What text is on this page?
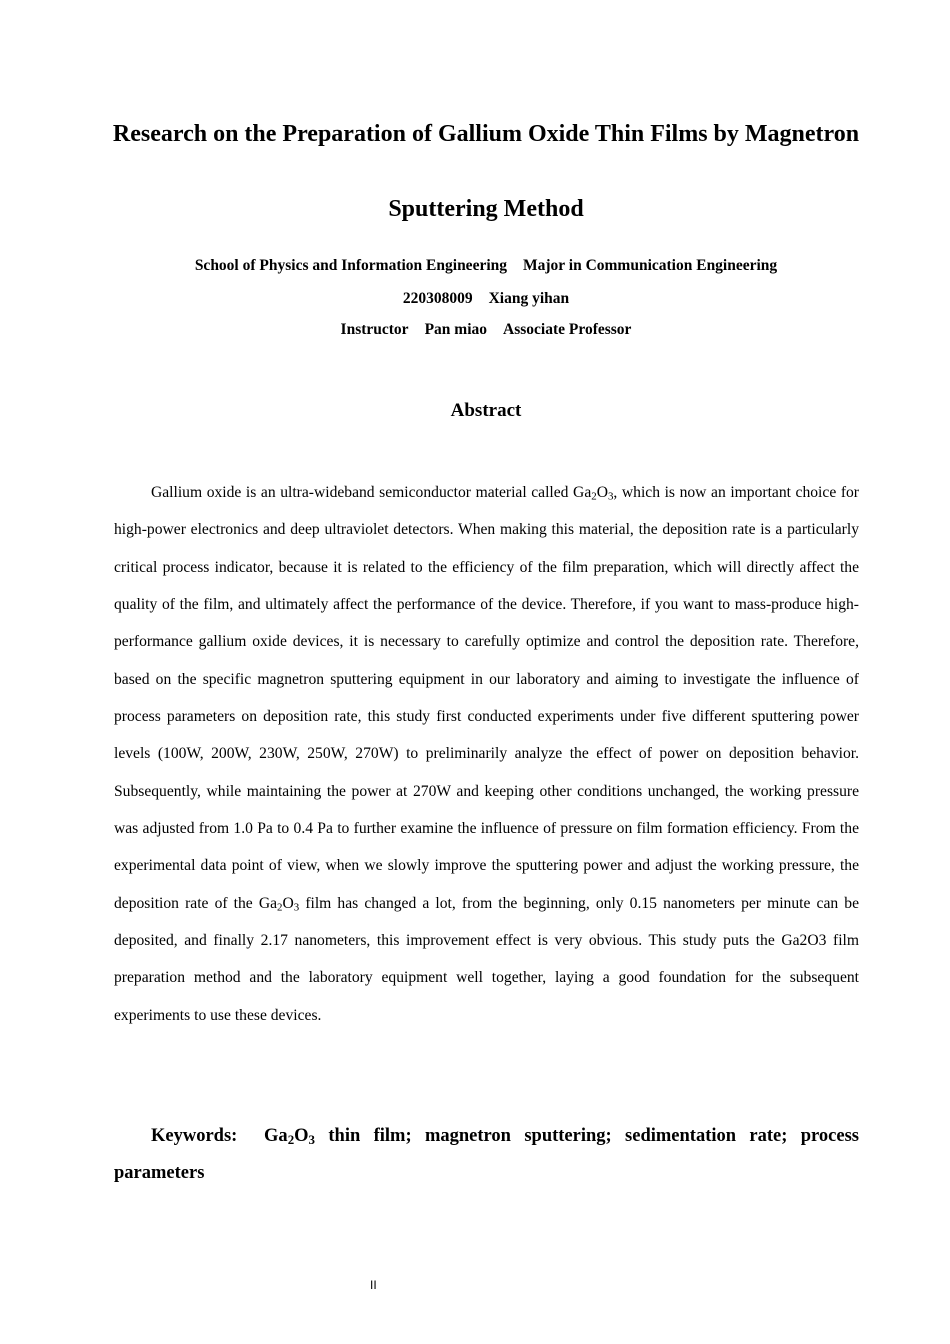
Research on the Preparation of Gallium Oxide Thin Films by Magnetron
Sputtering Method
School of Physics and Information Engineering Major in Communication Engineering
220308009 Xiang yihan
Instructor Pan miao Associate Professor
Abstract

Gallium oxide is an ultra-wideband semiconductor material called $Ga_2O_3$, which is now an important choice for high-power electronics and deep ultraviolet detectors. When making this material, the deposition rate is a particularly critical process indicator, because it is related to the efficiency of the film preparation, which will directly affect the quality of the film, and ultimately affect the performance of the device. Therefore, if you want to mass-produce high-performance gallium oxide devices, it is necessary to carefully optimize and control the deposition rate. Therefore, based on the specific magnetron sputtering equipment in our laboratory and aiming to investigate the influence of process parameters on deposition rate, this study first conducted experiments under five different sputtering power levels (100W, 200W, 230W, 250W, 270W) to preliminarily analyze the effect of power on deposition behavior. Subsequently, while maintaining the power at 270W and keeping other conditions unchanged, the working pressure was adjusted from 1.0 Pa to 0.4 Pa to further examine the influence of pressure on film formation efficiency. From the experimental data point of view, when we slowly improve the sputtering power and adjust the working pressure, the deposition rate of the $Ga_2O_3$ film has changed a lot, from the beginning, only 0.15 nanometers per minute can be deposited, and finally 2.17 nanometers, this improvement effect is very obvious. This study puts the Ga2O3 film preparation method and the laboratory equipment well together, laying a good foundation for the subsequent experiments to use these devices.

Keywords: $Ga_2O_3$ thin film; magnetron sputtering; sedimentation rate; process parameters

II
